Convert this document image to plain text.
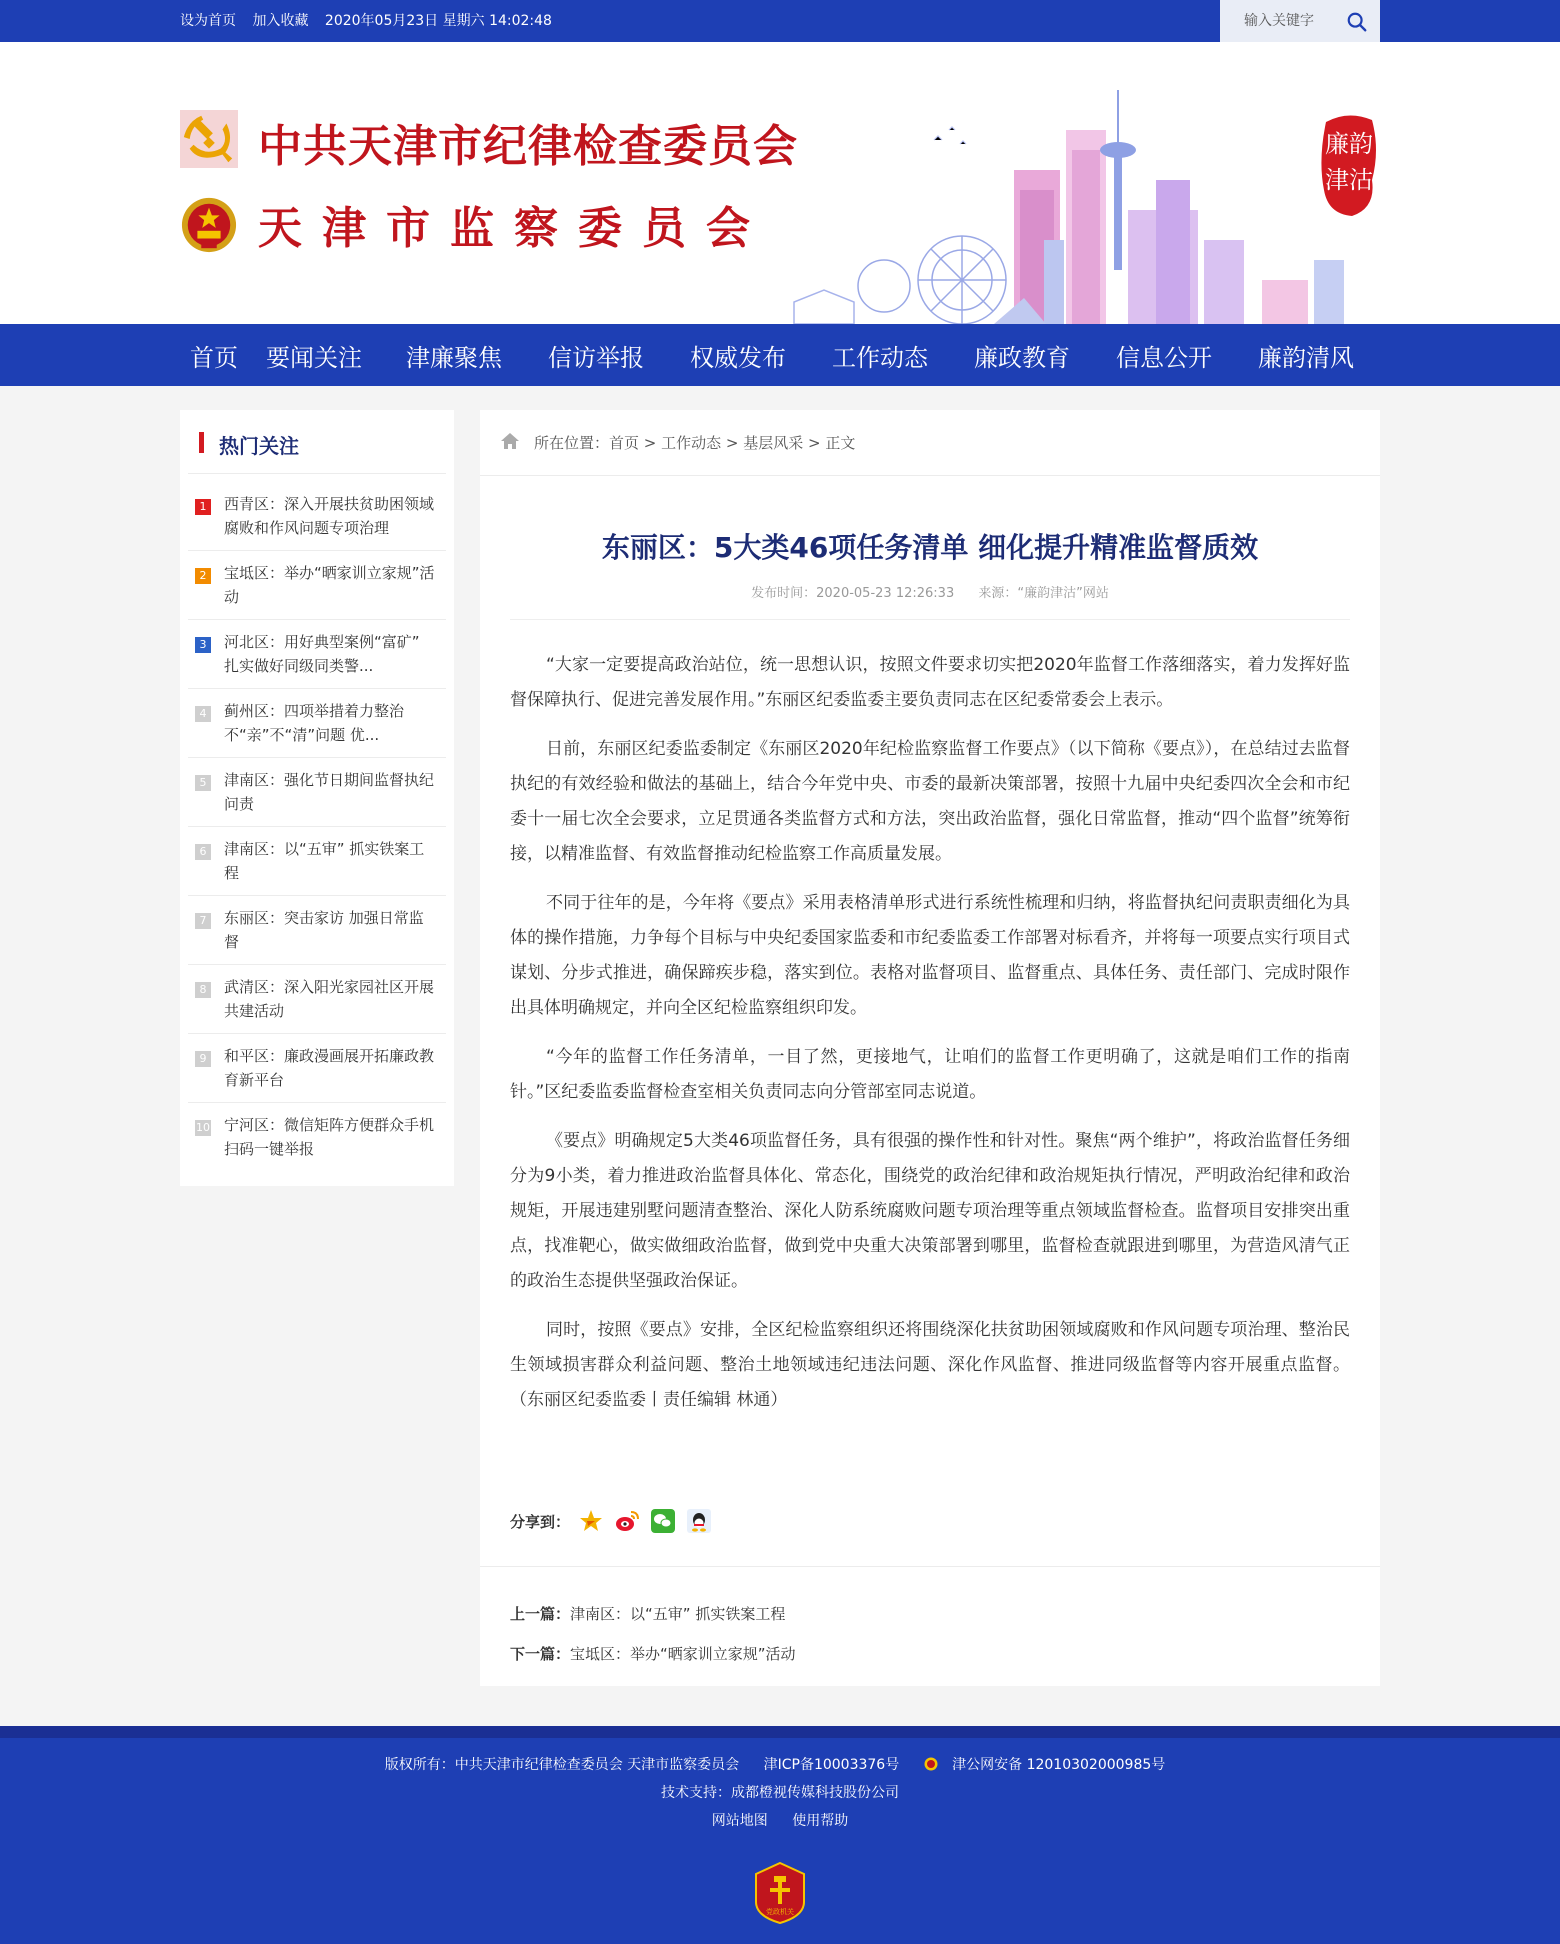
设为首页 加入收藏 2020年05月23日 星期六 14:02:48	输入关键字
中共天津市纪律检查委员会
天津市监察委员会
廉韵
津沽
首页 要闻关注 津廉聚焦 信访举报 权威发布 工作动态 廉政教育 信息公开 廉韵清风
热门关注
1	西青区：深入开展扶贫助困领域腐败和作风问题专项治理
2	宝坻区：举办“晒家训立家规”活动
3	河北区：用好典型案例“富矿” 扎实做好同级同类警...
4	蓟州区：四项举措着力整治不“亲”不“清”问题 优...
5	津南区：强化节日期间监督执纪问责
6	津南区：以“五审” 抓实铁案工程
7	东丽区：突击家访 加强日常监督
8	武清区：深入阳光家园社区开展共建活动
9	和平区：廉政漫画展开拓廉政教育新平台
10 宁河区：微信矩阵方便群众手机扫码一键举报
所在位置：首页 > 工作动态 > 基层风采 > 正文
东丽区：5大类46项任务清单 细化提升精准监督质效
发布时间：2020-05-23 12:26:33 来源：“廉韵津沽”网站

“大家一定要提高政治站位，统一思想认识，按照文件要求切实把2020年监督工作落细落实，着力发挥好监督保障执行、促进完善发展作用。”东丽区纪委监委主要负责同志在区纪委常委会上表示。

日前，东丽区纪委监委制定《东丽区2020年纪检监察监督工作要点》（以下简称《要点》），在总结过去监督执纪的有效经验和做法的基础上，结合今年党中央、市委的最新决策部署，按照十九届中央纪委四次全会和市纪委十一届七次全会要求，立足贯通各类监督方式和方法，突出政治监督，强化日常监督，推动“四个监督”统筹衔接，以精准监督、有效监督推动纪检监察工作高质量发展。

不同于往年的是，今年将《要点》采用表格清单形式进行系统性梳理和归纳，将监督执纪问责职责细化为具体的操作措施，力争每个目标与中央纪委国家监委和市纪委监委工作部署对标看齐，并将每一项要点实行项目式谋划、分步式推进，确保蹄疾步稳，落实到位。表格对监督项目、监督重点、具体任务、责任部门、完成时限作出具体明确规定，并向全区纪检监察组织印发。

“今年的监督工作任务清单，一目了然，更接地气，让咱们的监督工作更明确了，这就是咱们工作的指南针。”区纪委监委监督检查室相关负责同志向分管部室同志说道。

《要点》明确规定5大类46项监督任务，具有很强的操作性和针对性。聚焦“两个维护”，将政治监督任务细分为9小类，着力推进政治监督具体化、常态化，围绕党的政治纪律和政治规矩执行情况，严明政治纪律和政治规矩，开展违建别墅问题清查整治、深化人防系统腐败问题专项治理等重点领域监督检查。监督项目安排突出重点，找准靶心，做实做细政治监督，做到党中央重大决策部署到哪里，监督检查就跟进到哪里，为营造风清气正的政治生态提供坚强政治保证。

同时，按照《要点》安排，全区纪检监察组织还将围绕深化扶贫助困领域腐败和作风问题专项治理、整治民生领域损害群众利益问题、整治土地领域违纪违法问题、深化作风监督、推进同级监督等内容开展重点监督。（东丽区纪委监委丨责任编辑 林通）

分享到：
上一篇：津南区：以“五审” 抓实铁案工程
下一篇：宝坻区：举办“晒家训立家规”活动
版权所有：中共天津市纪律检查委员会 天津市监察委员会 津ICP备10003376号	津公网安备 12010302000985号
技术支持：成都橙视传媒科技股份公司
网站地图 使用帮助
党政机关
